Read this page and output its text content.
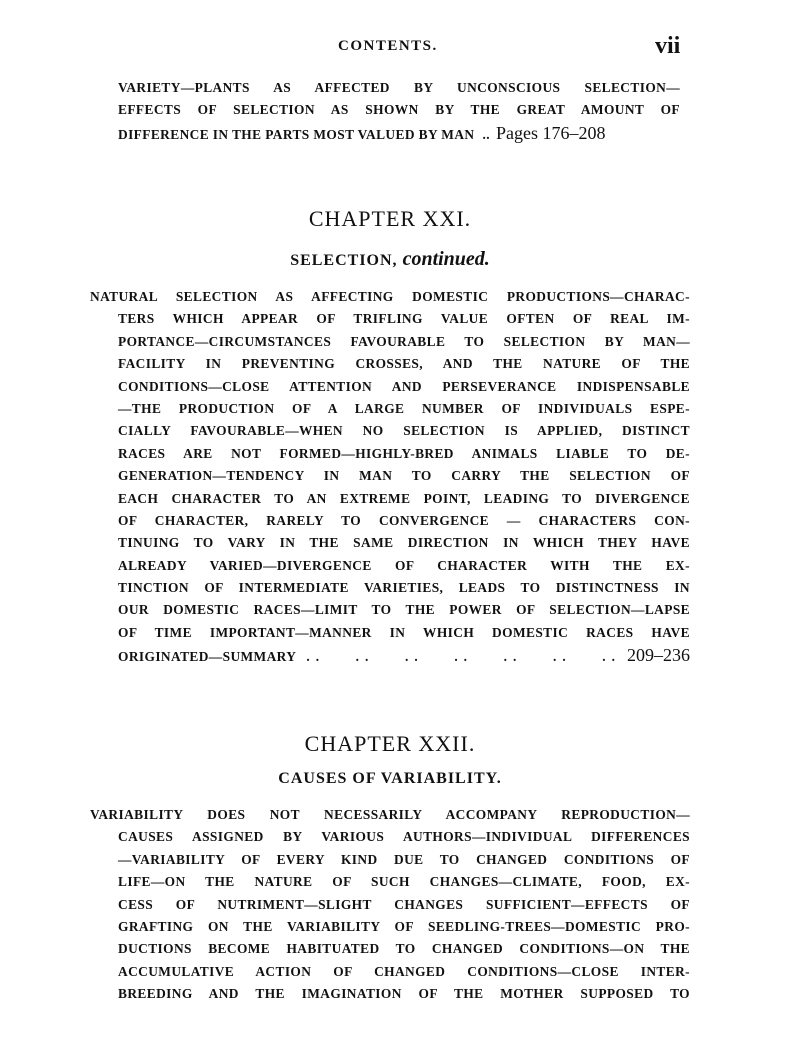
CONTENTS.	vii
VARIETY—PLANTS AS AFFECTED BY UNCONSCIOUS SELECTION—
EFFECTS OF SELECTION AS SHOWN BY THE GREAT AMOUNT OF
DIFFERENCE IN THE PARTS MOST VALUED BY MAN .. Pages 176–208
CHAPTER XXI.
SELECTION, continued.
NATURAL SELECTION AS AFFECTING DOMESTIC PRODUCTIONS—CHARAC-
TERS WHICH APPEAR OF TRIFLING VALUE OFTEN OF REAL IM-
PORTANCE—CIRCUMSTANCES FAVOURABLE TO SELECTION BY MAN—
FACILITY IN PREVENTING CROSSES, AND THE NATURE OF THE
CONDITIONS—CLOSE ATTENTION AND PERSEVERANCE INDISPENSABLE
—THE PRODUCTION OF A LARGE NUMBER OF INDIVIDUALS ESPE-
CIALLY FAVOURABLE—WHEN NO SELECTION IS APPLIED, DISTINCT
RACES ARE NOT FORMED—HIGHLY-BRED ANIMALS LIABLE TO DE-
GENERATION—TENDENCY IN MAN TO CARRY THE SELECTION OF
EACH CHARACTER TO AN EXTREME POINT, LEADING TO DIVERGENCE
OF CHARACTER, RARELY TO CONVERGENCE — CHARACTERS CON-
TINUING TO VARY IN THE SAME DIRECTION IN WHICH THEY HAVE
ALREADY VARIED—DIVERGENCE OF CHARACTER WITH THE EX-
TINCTION OF INTERMEDIATE VARIETIES, LEADS TO DISTINCTNESS IN
OUR DOMESTIC RACES—LIMIT TO THE POWER OF SELECTION—LAPSE
OF TIME IMPORTANT—MANNER IN WHICH DOMESTIC RACES HAVE
ORIGINATED—SUMMARY .. .. .. .. .. .. .. 209–236
CHAPTER XXII.
CAUSES OF VARIABILITY.
VARIABILITY DOES NOT NECESSARILY ACCOMPANY REPRODUCTION—
CAUSES ASSIGNED BY VARIOUS AUTHORS—INDIVIDUAL DIFFERENCES
—VARIABILITY OF EVERY KIND DUE TO CHANGED CONDITIONS OF
LIFE—ON THE NATURE OF SUCH CHANGES—CLIMATE, FOOD, EX-
CESS OF NUTRIMENT—SLIGHT CHANGES SUFFICIENT—EFFECTS OF
GRAFTING ON THE VARIABILITY OF SEEDLING-TREES—DOMESTIC PRO-
DUCTIONS BECOME HABITUATED TO CHANGED CONDITIONS—ON THE
ACCUMULATIVE ACTION OF CHANGED CONDITIONS—CLOSE INTER-
BREEDING AND THE IMAGINATION OF THE MOTHER SUPPOSED TO
